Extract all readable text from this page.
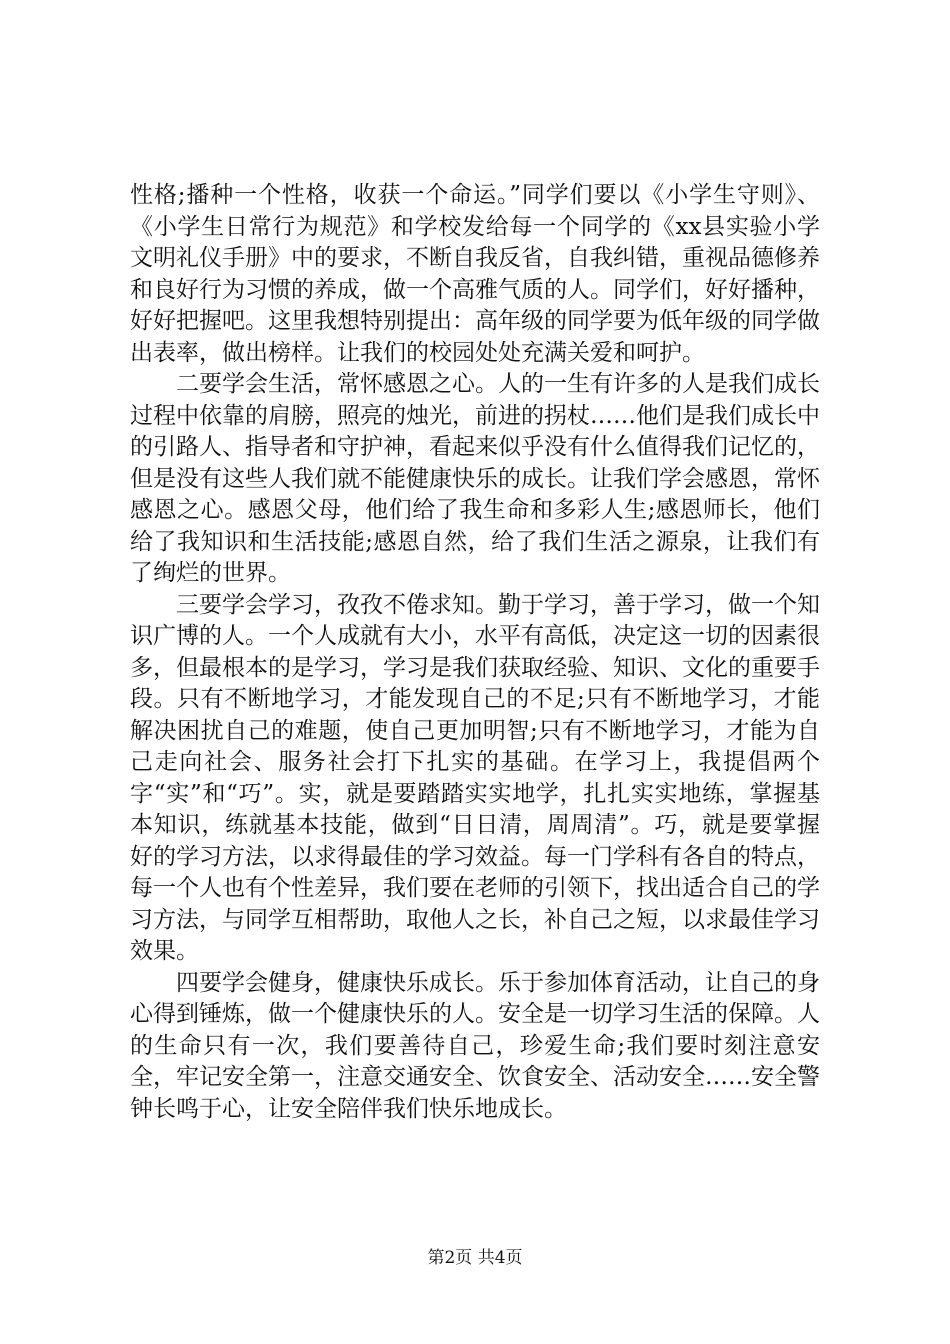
性格;播种一个性格，收获一个命运。”同学们要以《小学生守则》、《小学生日常行为规范》和学校发给每一个同学的《xx县实验小学文明礼仪手册》中的要求，不断自我反省，自我纠错，重视品德修养和良好行为习惯的养成，做一个高雅气质的人。同学们，好好播种，好好把握吧。这里我想特别提出：高年级的同学要为低年级的同学做出表率，做出榜样。让我们的校园处处充满关爱和呵护。

二要学会生活，常怀感恩之心。人的一生有许多的人是我们成长过程中依靠的肩膀，照亮的烛光，前进的拐杖……他们是我们成长中的引路人、指导者和守护神，看起来似乎没有什么值得我们记忆的，但是没有这些人我们就不能健康快乐的成长。让我们学会感恩，常怀感恩之心。感恩父母，他们给了我生命和多彩人生;感恩师长，他们给了我知识和生活技能;感恩自然，给了我们生活之源泉，让我们有了绚烂的世界。

三要学会学习，孜孜不倦求知。勤于学习，善于学习，做一个知识广博的人。一个人成就有大小，水平有高低，决定这一切的因素很多，但最根本的是学习，学习是我们获取经验、知识、文化的重要手段。只有不断地学习，才能发现自己的不足;只有不断地学习，才能解决困扰自己的难题，使自己更加明智;只有不断地学习，才能为自己走向社会、服务社会打下扎实的基础。在学习上，我提倡两个字“实”和“巧”。实，就是要踏踏实实地学，扎扎实实地练，掌握基本知识，练就基本技能，做到“日日清，周周清”。巧，就是要掌握好的学习方法，以求得最佳的学习效益。每一门学科有各自的特点，每一个人也有个性差异，我们要在老师的引领下，找出适合自己的学习方法，与同学互相帮助，取他人之长，补自己之短，以求最佳学习效果。

四要学会健身，健康快乐成长。乐于参加体育活动，让自己的身心得到锤炼，做一个健康快乐的人。安全是一切学习生活的保障。人的生命只有一次，我们要善待自己，珍爱生命;我们要时刻注意安全，牢记安全第一，注意交通安全、饮食安全、活动安全……安全警钟长鸣于心，让安全陪伴我们快乐地成长。

第2页 共4页
